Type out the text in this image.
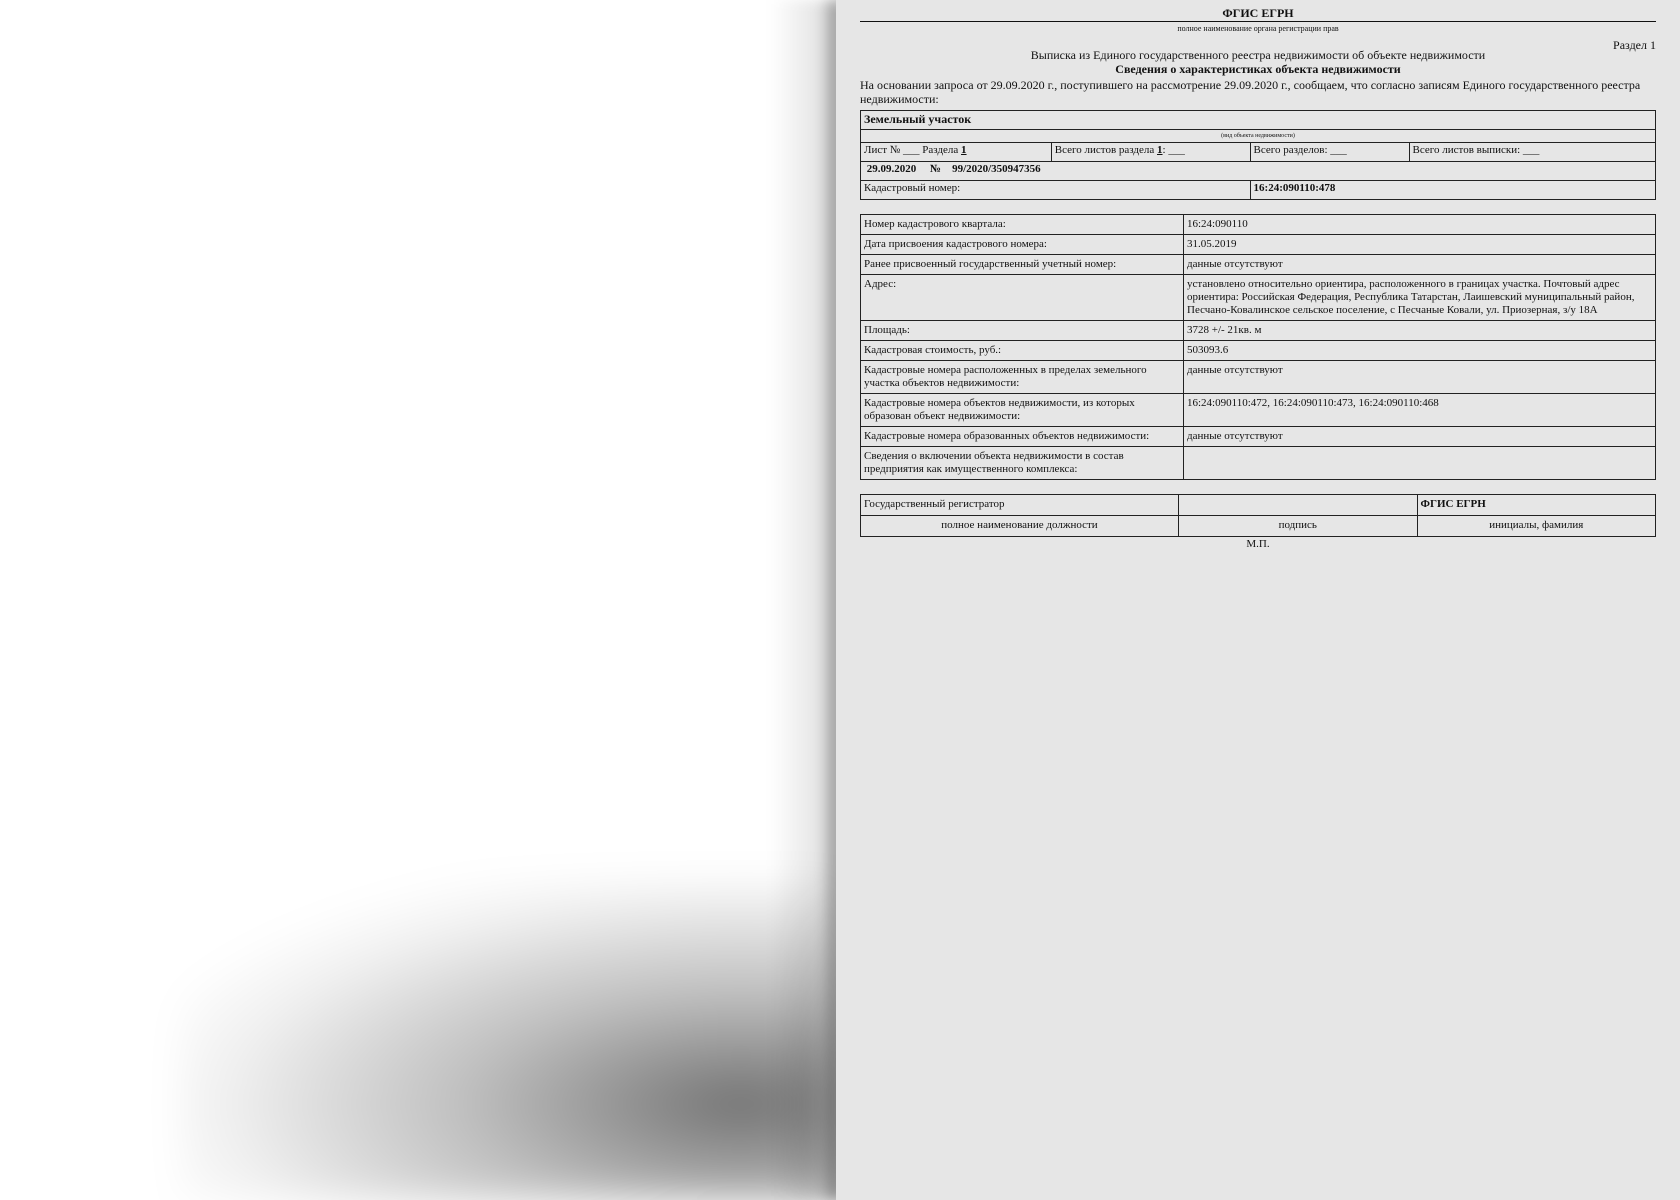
ФГИС ЕГРН
полное наименование органа регистрации прав
Раздел 1
Выписка из Единого государственного реестра недвижимости об объекте недвижимости
Сведения о характеристиках объекта недвижимости
На основании запроса от 29.09.2020 г., поступившего на рассмотрение 29.09.2020 г., сообщаем, что согласно записям Единого государственного реестра недвижимости:
Земельный участок			
(вид объекта недвижимости)			
Лист № ___ Раздела 1	Всего листов раздела 1: ___	Всего разделов: ___	Всего листов выписки: ___
29.09.2020 № 99/2020/350947356			
Кадастровый номер:		16:24:090110:478	
Номер кадастрового квартала:	16:24:090110
Дата присвоения кадастрового номера:	31.05.2019
Ранее присвоенный государственный учетный номер:	данные отсутствуют
Адрес:	установлено относительно ориентира, расположенного в границах участка. Почтовый адрес ориентира: Российская Федерация, Республика Татарстан, Лаишевский муниципальный район, Песчано-Ковалинское сельское поселение, с Песчаные Ковали, ул. Приозерная, з/у 18А
Площадь:	3728 +/- 21кв. м
Кадастровая стоимость, руб.:	503093.6
Кадастровые номера расположенных в пределах земельного участка объектов недвижимости:	данные отсутствуют
Кадастровые номера объектов недвижимости, из которых образован объект недвижимости:	16:24:090110:472, 16:24:090110:473, 16:24:090110:468
Кадастровые номера образованных объектов недвижимости:	данные отсутствуют
Сведения о включении объекта недвижимости в состав предприятия как имущественного комплекса:	
Государственный регистратор		ФГИС ЕГРН
полное наименование должности	подпись	инициалы, фамилия
М.П.
